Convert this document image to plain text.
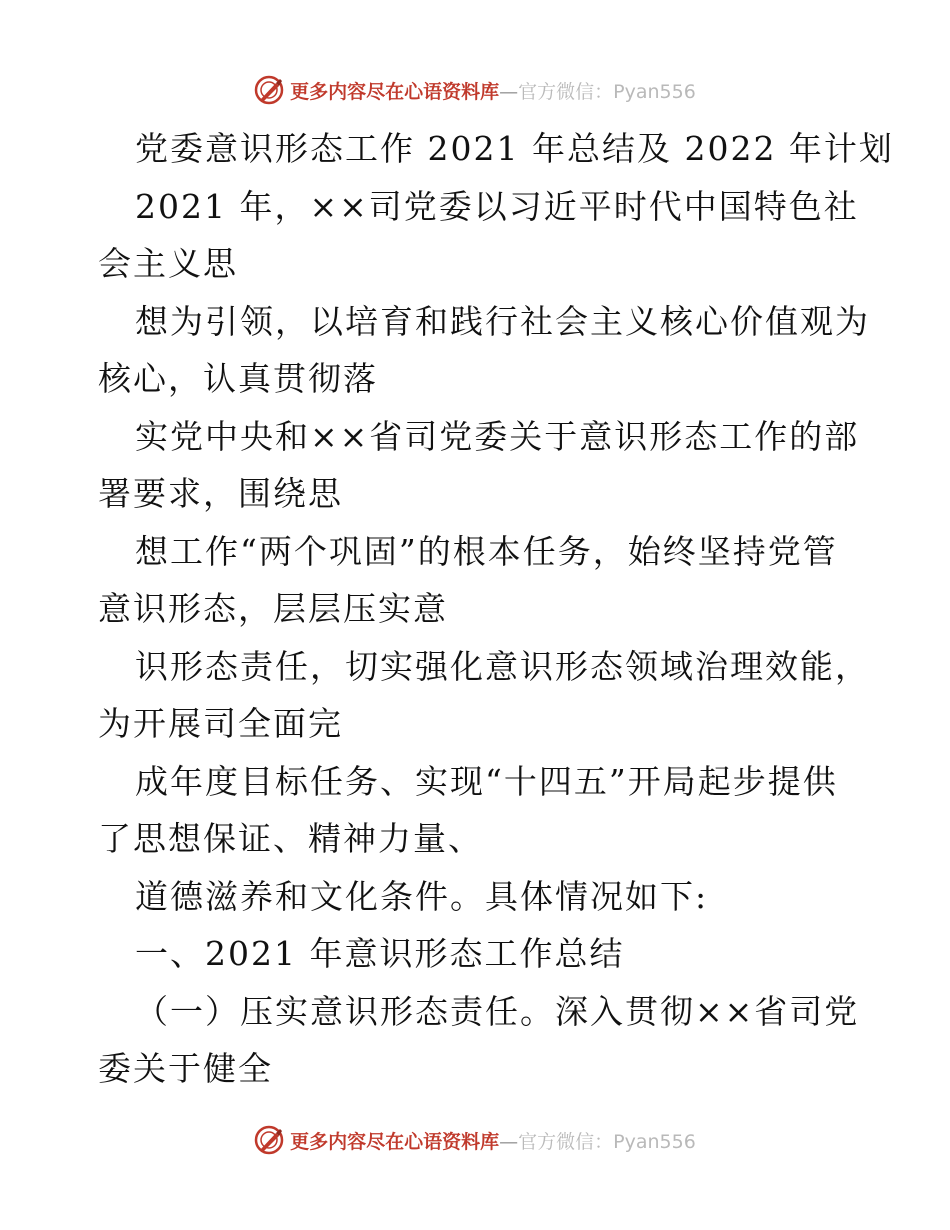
更多内容尽在心语资料库—官方微信：Pyan556
党委意识形态工作 2021 年总结及 2022 年计划
2021 年，××司党委以习近平时代中国特色社
会主义思
想为引领，以培育和践行社会主义核心价值观为
核心，认真贯彻落
实党中央和××省司党委关于意识形态工作的部
署要求，围绕思
想工作“两个巩固”的根本任务，始终坚持党管
意识形态，层层压实意
识形态责任，切实强化意识形态领域治理效能，
为开展司全面完
成年度目标任务、实现“十四五”开局起步提供
了思想保证、精神力量、
道德滋养和文化条件。具体情况如下:
一、2021 年意识形态工作总结
（一）压实意识形态责任。深入贯彻××省司党
委关于健全
更多内容尽在心语资料库—官方微信：Pyan556
